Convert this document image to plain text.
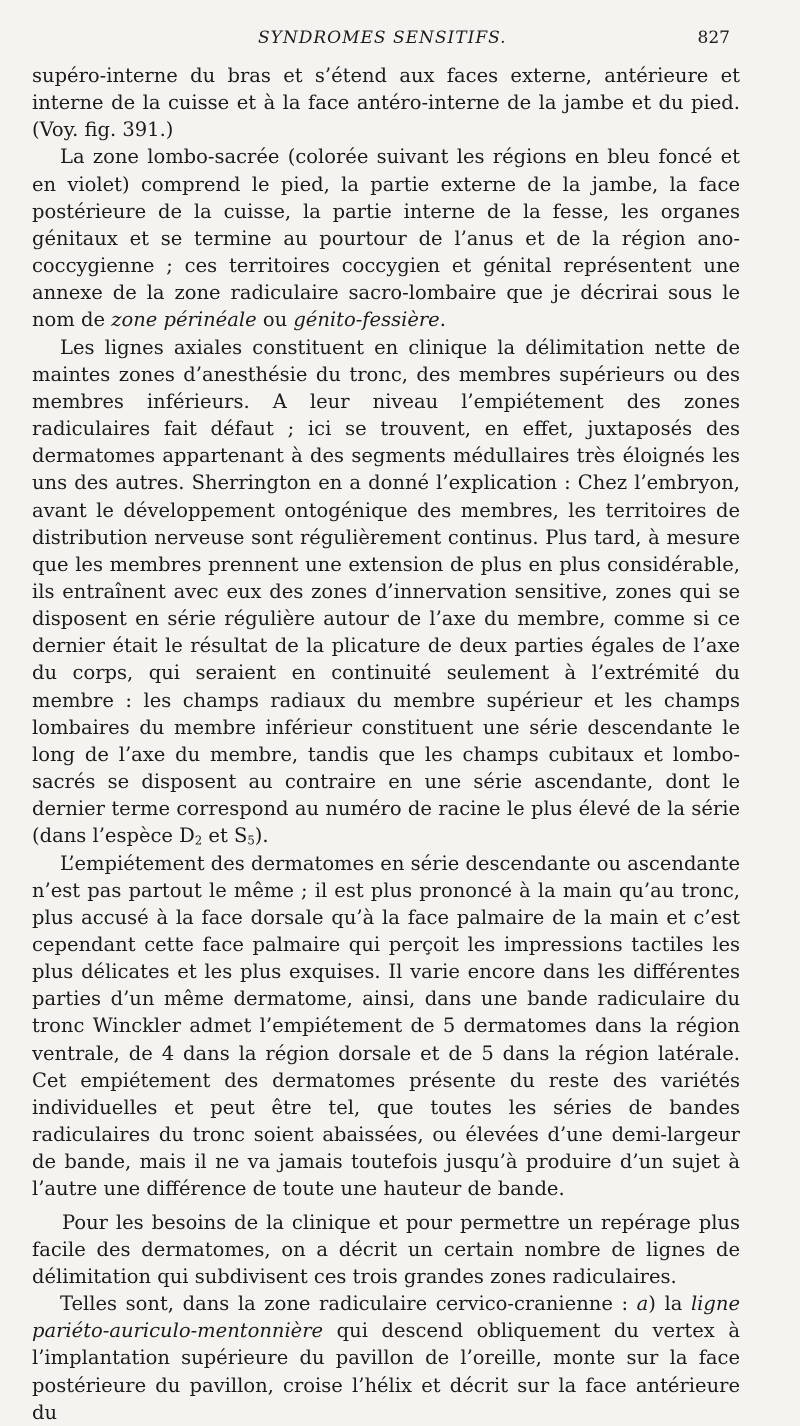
SYNDROMES SENSITIFS.	827

supéro-interne du bras et s’étend aux faces externe, antérieure et interne de la cuisse et à la face antéro-interne de la jambe et du pied. (Voy. fig. 391.)

La zone lombo-sacrée (colorée suivant les régions en bleu foncé et en violet) comprend le pied, la partie externe de la jambe, la face postérieure de la cuisse, la partie interne de la fesse, les organes génitaux et se termine au pourtour de l’anus et de la région ano-coccygienne ; ces territoires coccygien et génital représentent une annexe de la zone radiculaire sacro-lombaire que je décrirai sous le nom de zone périnéale ou génito-fessière.

Les lignes axiales constituent en clinique la délimitation nette de maintes zones d’anesthésie du tronc, des membres supérieurs ou des membres inférieurs. A leur niveau l’empiétement des zones radiculaires fait défaut ; ici se trouvent, en effet, juxtaposés des dermatomes appartenant à des segments médullaires très éloignés les uns des autres. Sherrington en a donné l’explication : Chez l’embryon, avant le développement ontogénique des membres, les territoires de distribution nerveuse sont régulièrement continus. Plus tard, à mesure que les membres prennent une extension de plus en plus considérable, ils entraînent avec eux des zones d’innervation sensitive, zones qui se disposent en série régulière autour de l’axe du membre, comme si ce dernier était le résultat de la plicature de deux parties égales de l’axe du corps, qui seraient en continuité seulement à l’extrémité du membre : les champs radiaux du membre supérieur et les champs lombaires du membre inférieur constituent une série descendante le long de l’axe du membre, tandis que les champs cubitaux et lombo-sacrés se disposent au contraire en une série ascendante, dont le dernier terme correspond au numéro de racine le plus élevé de la série (dans l’espèce $D_2$ et $S_5$).

L’empiétement des dermatomes en série descendante ou ascendante n’est pas partout le même ; il est plus prononcé à la main qu’au tronc, plus accusé à la face dorsale qu’à la face palmaire de la main et c’est cependant cette face palmaire qui perçoit les impressions tactiles les plus délicates et les plus exquises. Il varie encore dans les différentes parties d’un même dermatome, ainsi, dans une bande radiculaire du tronc Winckler admet l’empiétement de 5 dermatomes dans la région ventrale, de 4 dans la région dorsale et de 5 dans la région latérale. Cet empiétement des dermatomes présente du reste des variétés individuelles et peut être tel, que toutes les séries de bandes radiculaires du tronc soient abaissées, ou élevées d’une demi-largeur de bande, mais il ne va jamais toutefois jusqu’à produire d’un sujet à l’autre une différence de toute une hauteur de bande.

Pour les besoins de la clinique et pour permettre un repérage plus facile des dermatomes, on a décrit un certain nombre de lignes de délimitation qui subdivisent ces trois grandes zones radiculaires.

Telles sont, dans la zone radiculaire cervico-cranienne : a) la ligne pariéto-auriculo-mentonnière qui descend obliquement du vertex à l’implantation supérieure du pavillon de l’oreille, monte sur la face postérieure du pavillon, croise l’hélix et décrit sur la face antérieure du
